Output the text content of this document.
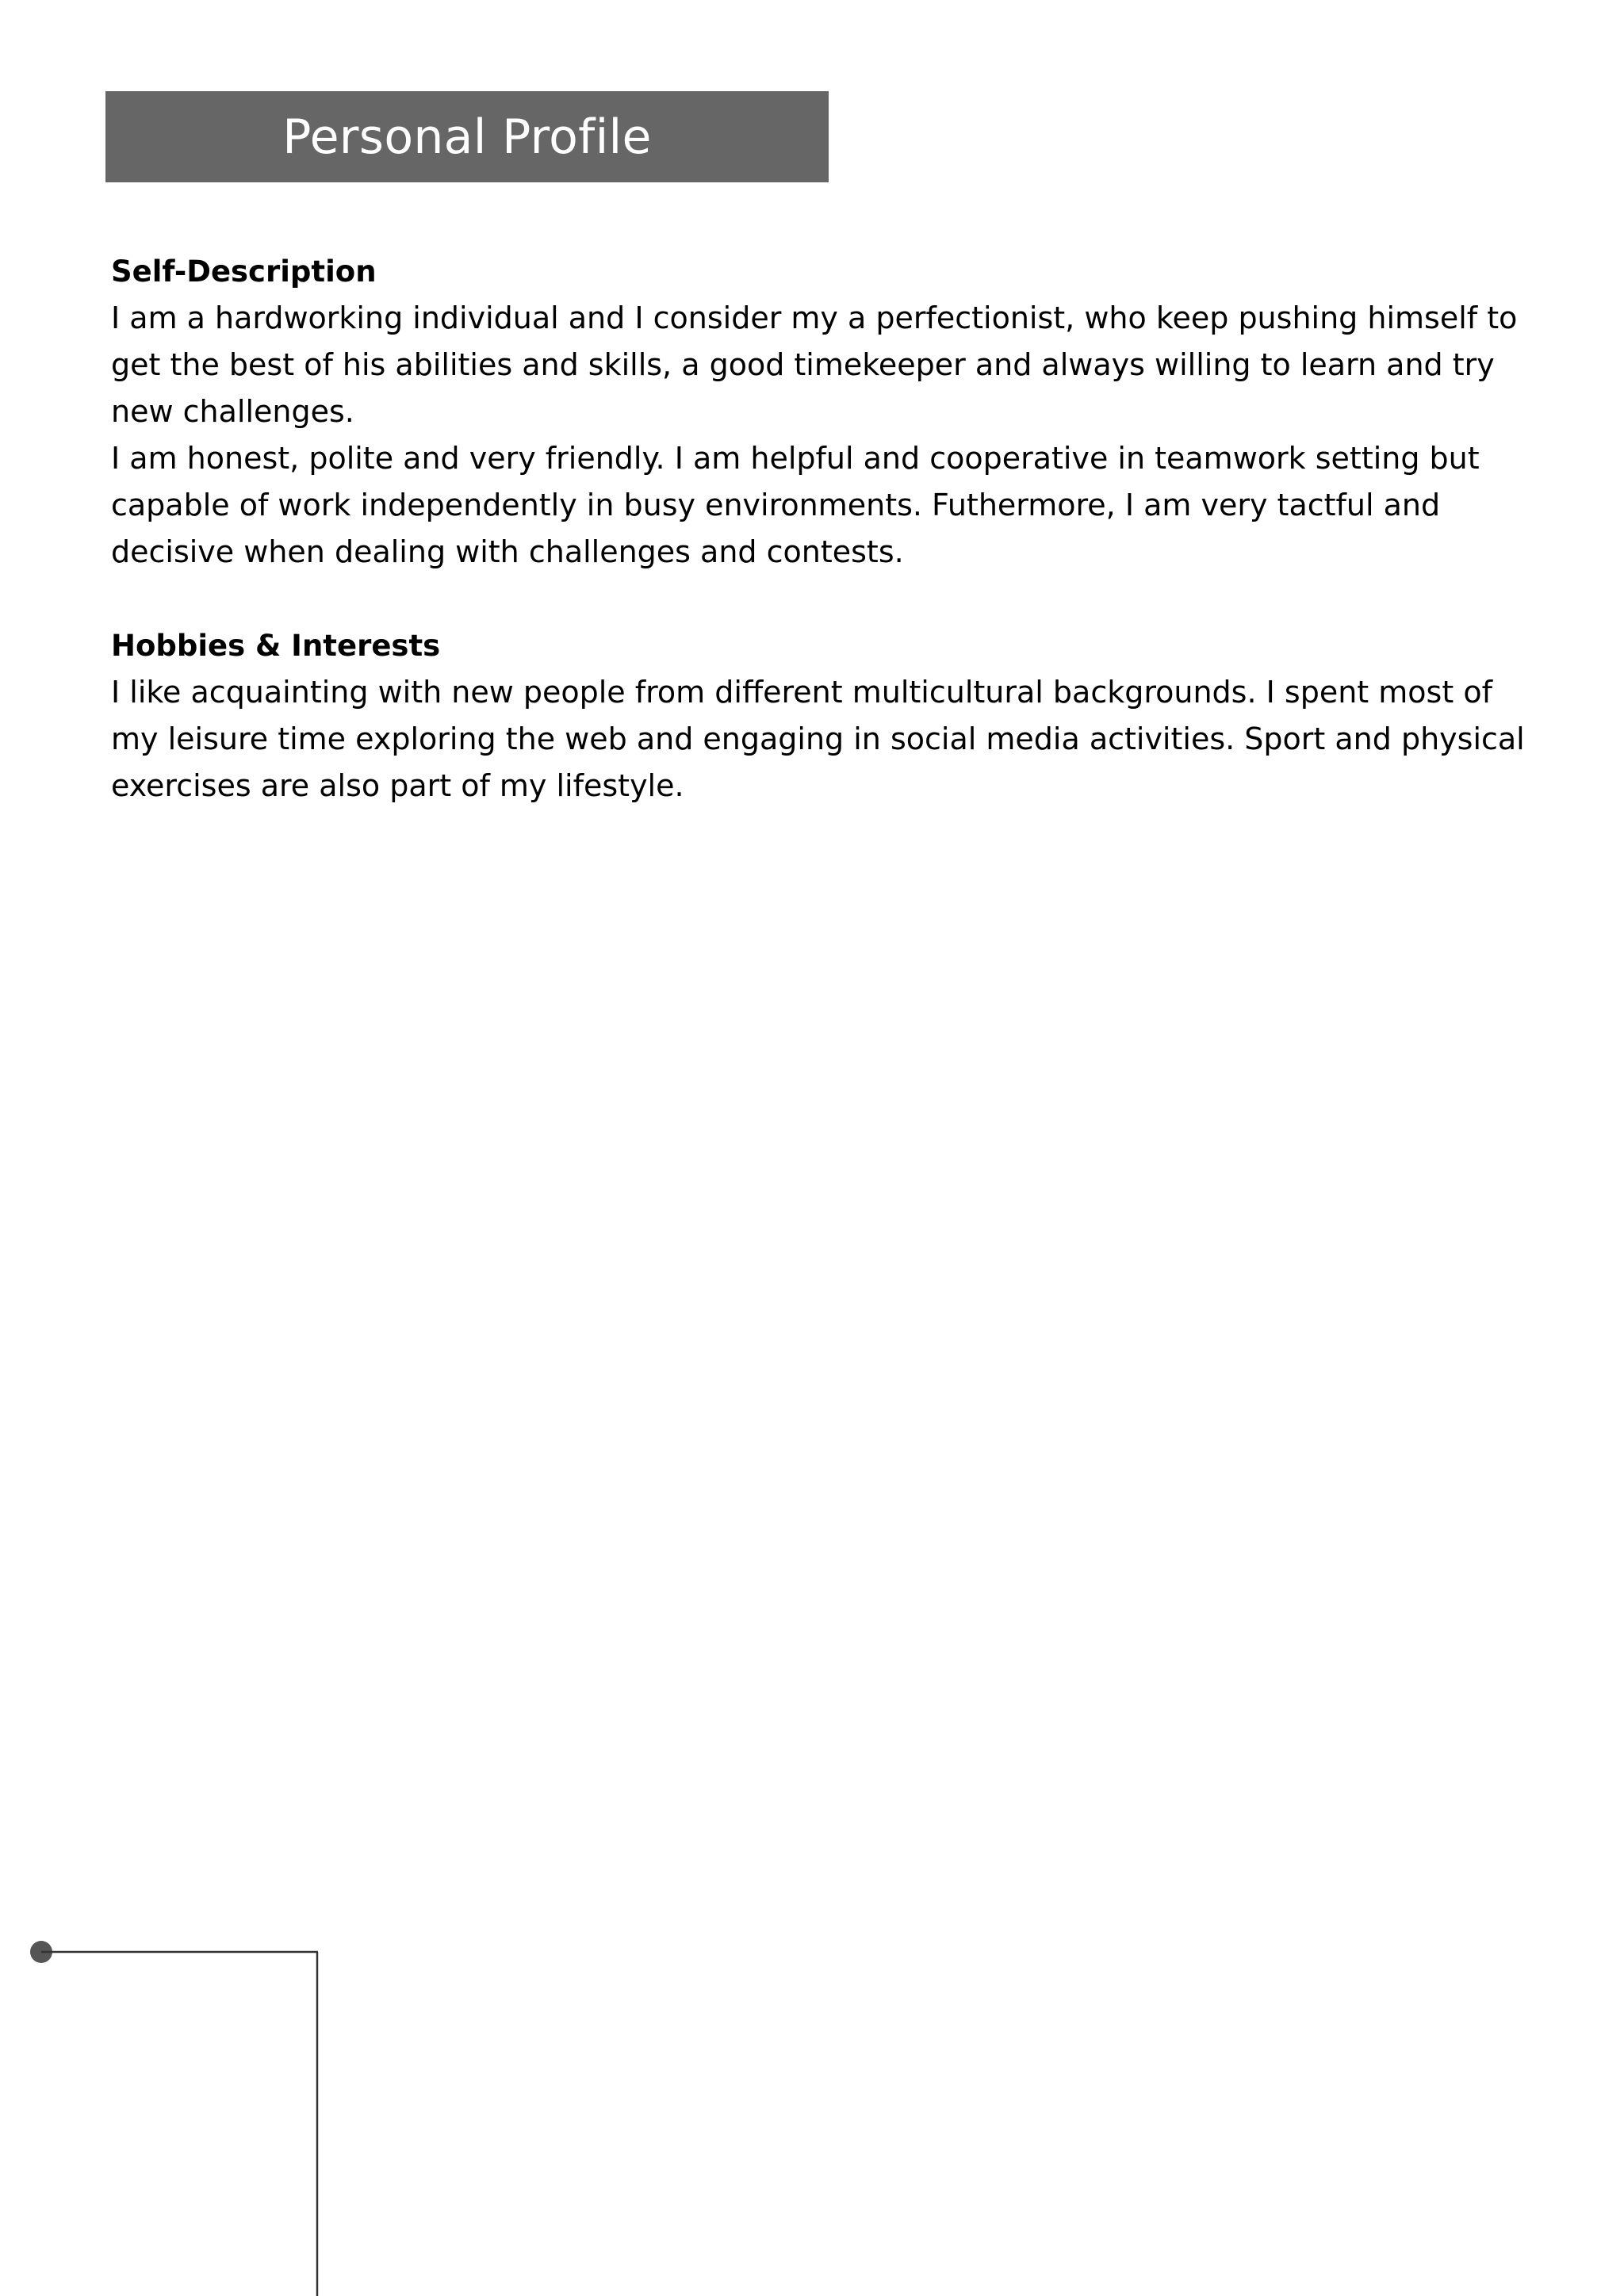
Personal Profile

Self-Description

I am a hardworking individual and I consider my a perfectionist, who keep pushing himself to get the best of his abilities and skills, a good timekeeper and always willing to learn and try new challenges.

I am honest, polite and very friendly. I am helpful and cooperative in teamwork setting but capable of work independently in busy environments. Futhermore, I am very tactful and decisive when dealing with challenges and contests.

Hobbies & Interests

I like acquainting with new people from different multicultural backgrounds. I spent most of my leisure time exploring the web and engaging in social media activities. Sport and physical exercises are also part of my lifestyle.
